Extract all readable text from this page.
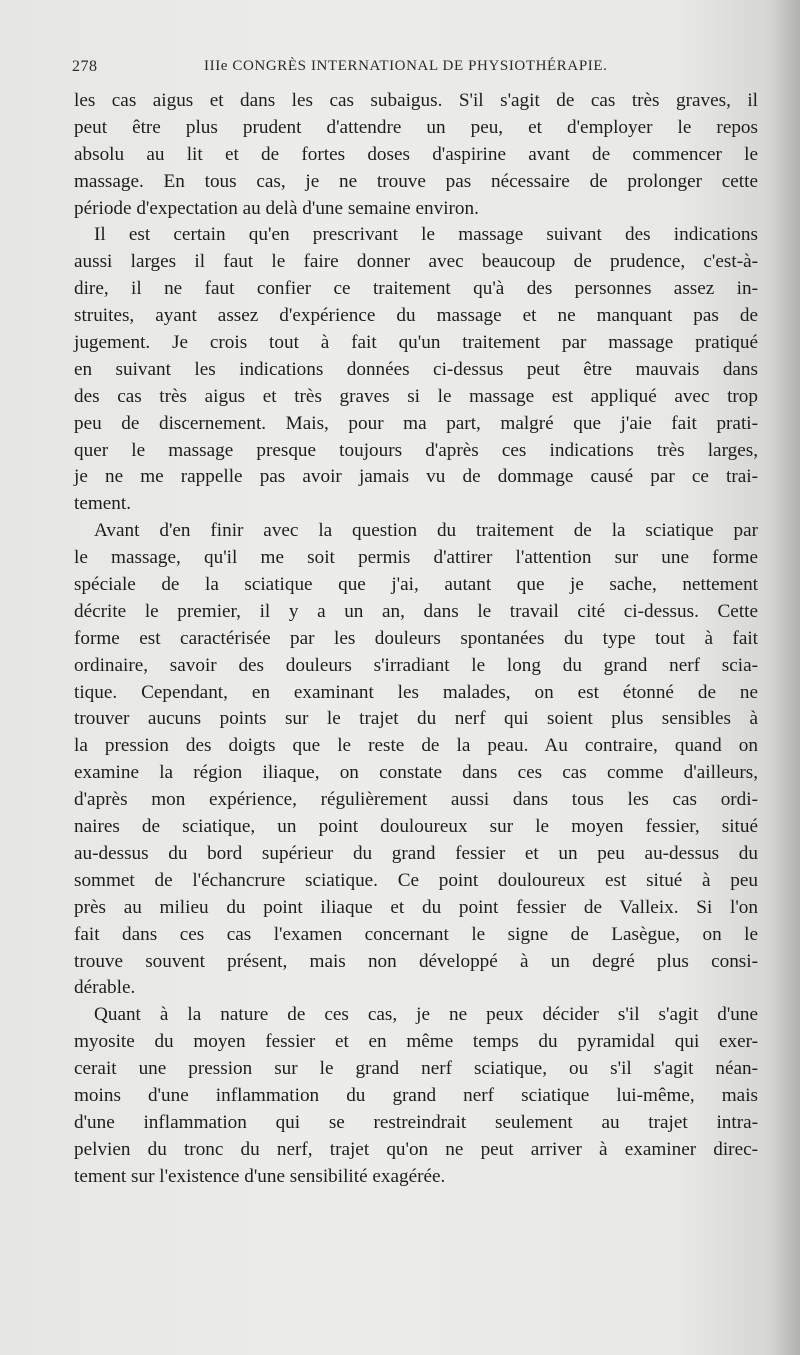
278	IIIe CONGRÈS INTERNATIONAL DE PHYSIOTHÉRAPIE.
les cas aigus et dans les cas subaigus. S'il s'agit de cas très graves, il
peut être plus prudent d'attendre un peu, et d'employer le repos
absolu au lit et de fortes doses d'aspirine avant de commencer le
massage. En tous cas, je ne trouve pas nécessaire de prolonger cette
période d'expectation au delà d'une semaine environ.
Il est certain qu'en prescrivant le massage suivant des indications
aussi larges il faut le faire donner avec beaucoup de prudence, c'est-à-
dire, il ne faut confier ce traitement qu'à des personnes assez in-
struites, ayant assez d'expérience du massage et ne manquant pas de
jugement. Je crois tout à fait qu'un traitement par massage pratiqué
en suivant les indications données ci-dessus peut être mauvais dans
des cas très aigus et très graves si le massage est appliqué avec trop
peu de discernement. Mais, pour ma part, malgré que j'aie fait prati-
quer le massage presque toujours d'après ces indications très larges,
je ne me rappelle pas avoir jamais vu de dommage causé par ce trai-
tement.
Avant d'en finir avec la question du traitement de la sciatique par
le massage, qu'il me soit permis d'attirer l'attention sur une forme
spéciale de la sciatique que j'ai, autant que je sache, nettement
décrite le premier, il y a un an, dans le travail cité ci-dessus. Cette
forme est caractérisée par les douleurs spontanées du type tout à fait
ordinaire, savoir des douleurs s'irradiant le long du grand nerf scia-
tique. Cependant, en examinant les malades, on est étonné de ne
trouver aucuns points sur le trajet du nerf qui soient plus sensibles à
la pression des doigts que le reste de la peau. Au contraire, quand on
examine la région iliaque, on constate dans ces cas comme d'ailleurs,
d'après mon expérience, régulièrement aussi dans tous les cas ordi-
naires de sciatique, un point douloureux sur le moyen fessier, situé
au-dessus du bord supérieur du grand fessier et un peu au-dessus du
sommet de l'échancrure sciatique. Ce point douloureux est situé à peu
près au milieu du point iliaque et du point fessier de Valleix. Si l'on
fait dans ces cas l'examen concernant le signe de Lasègue, on le
trouve souvent présent, mais non développé à un degré plus consi-
dérable.
Quant à la nature de ces cas, je ne peux décider s'il s'agit d'une
myosite du moyen fessier et en même temps du pyramidal qui exer-
cerait une pression sur le grand nerf sciatique, ou s'il s'agit néan-
moins d'une inflammation du grand nerf sciatique lui-même, mais
d'une inflammation qui se restreindrait seulement au trajet intra-
pelvien du tronc du nerf, trajet qu'on ne peut arriver à examiner direc-
tement sur l'existence d'une sensibilité exagérée.
